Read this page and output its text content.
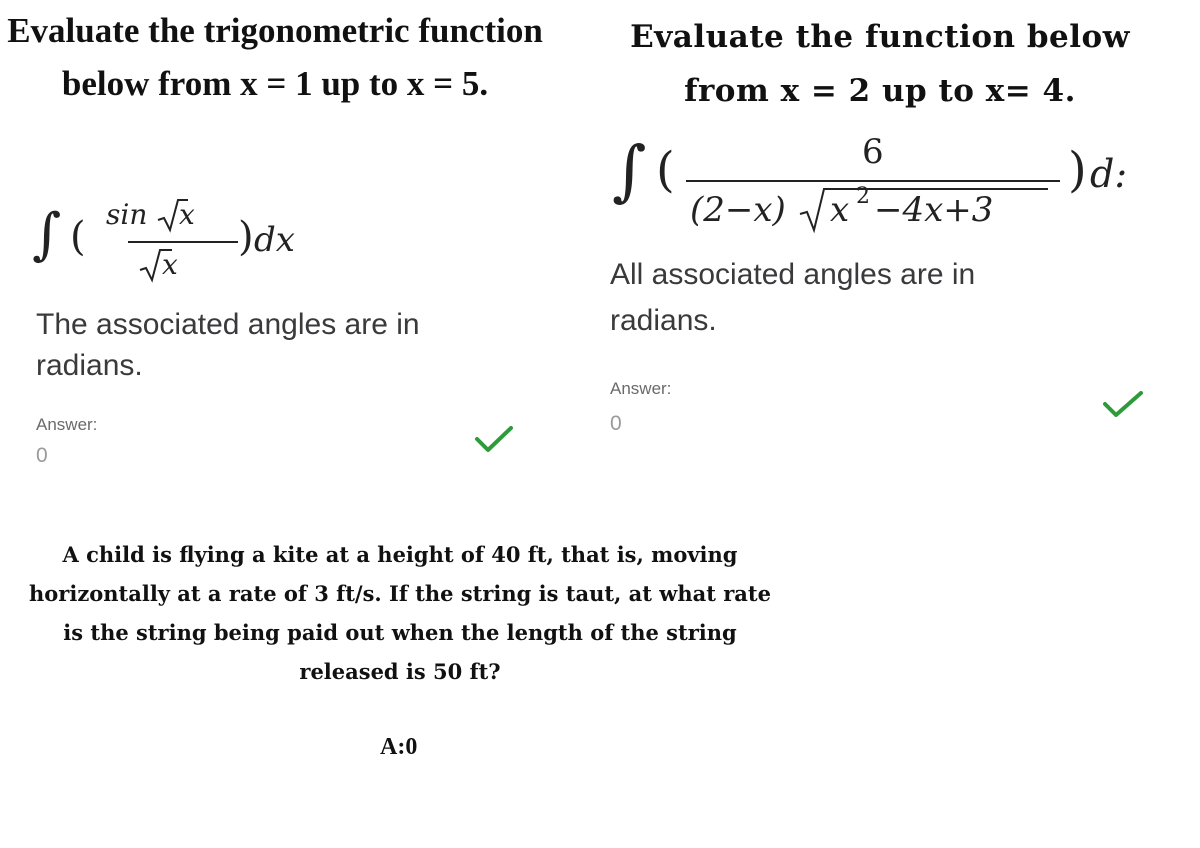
Evaluate the trigonometric function below from x = 1 up to x = 5.
∫ ( sin x
x
) dx
The associated angles are in radians.
Answer:
0
Evaluate the function below from x = 2 up to x= 4.
∫ (	6
(2−x) x 2 −4x+3
) d:
All associated angles are in radians.
Answer:
0
A child is flying a kite at a height of 40 ft, that is, moving horizontally at a rate of 3 ft/s. If the string is taut, at what rate is the string being paid out when the length of the string released is 50 ft?
A:0
